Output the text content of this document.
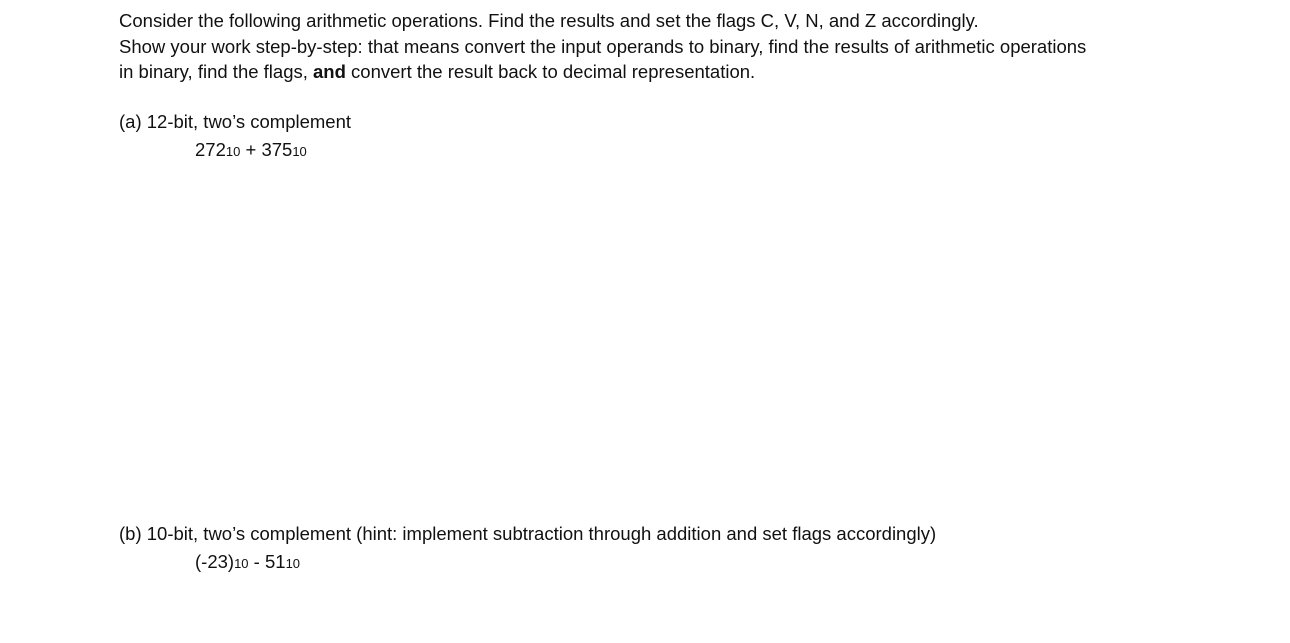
Consider the following arithmetic operations. Find the results and set the flags C, V, N, and Z accordingly.
Show your work step-by-step: that means convert the input operands to binary, find the results of arithmetic operations
in binary, find the flags, and convert the result back to decimal representation.
(a) 12-bit, two’s complement
27210 + 37510
(b) 10-bit, two’s complement (hint: implement subtraction through addition and set flags accordingly)
(-23)10 - 5110
